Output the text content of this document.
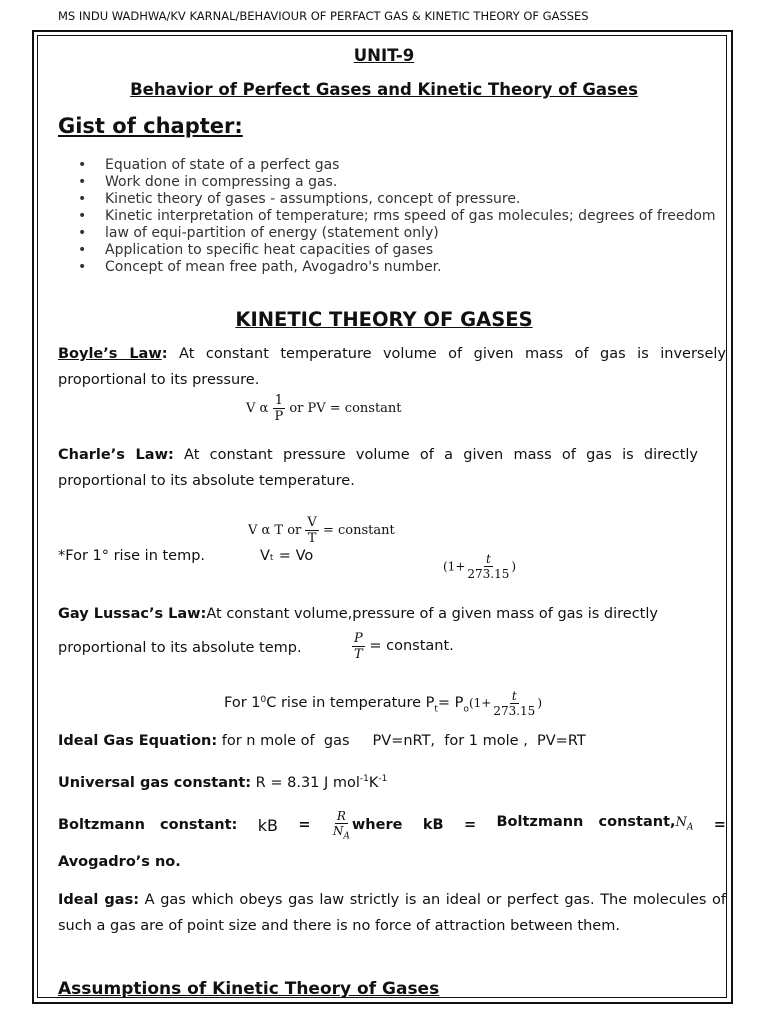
MS INDU WADHWA/KV KARNAL/BEHAVIOUR OF PERFACT GAS & KINETIC THEORY OF GASSES
UNIT-9
Behavior of Perfect Gases and Kinetic Theory of Gases
Gist of chapter:
• Equation of state of a perfect gas
• Work done in compressing a gas.
• Kinetic theory of gases - assumptions, concept of pressure.
• Kinetic interpretation of temperature; rms speed of gas molecules; degrees of freedom
• law of equi-partition of energy (statement only)
• Application to specific heat capacities of gases
• Concept of mean free path, Avogadro's number.
KINETIC THEORY OF GASES
Boyle’s Law: At constant temperature volume of given mass of gas is inversely proportional to its pressure.
V α $\frac{1}{P}$ or PV = constant
Charle’s Law: At constant pressure volume of a given mass of gas is directly proportional to its absolute temperature.
V α T or $\frac{V}{T}$ = constant
*For 1° rise in temp.	Vₜ = Vo
($1+ \frac{t}{273.15}$ )
Gay Lussac’s Law:At constant volume,pressure of a given mass of gas is directly
proportional to its absolute temp.	$\frac{P}{T}$ = constant.
For $1^0C$ rise in temperature $P_t= P_o(1+ \frac{t}{273.15}$ )
Ideal Gas Equation: for n mole of  gas     PV=nRT,  for 1 mole ,  PV=RT
Universal gas constant: R = 8.31 J $mol^{-1}K^{-1}$
Boltzmann   constant: kB = $\frac{R}{N_A}$ where kB = Boltzmann   $constant,N_A$ =
Avogadro’s no.
Ideal gas: A gas which obeys gas law strictly is an ideal or perfect gas. The molecules of such a gas are of point size and there is no force of attraction between them.
Assumptions of Kinetic Theory of Gases
